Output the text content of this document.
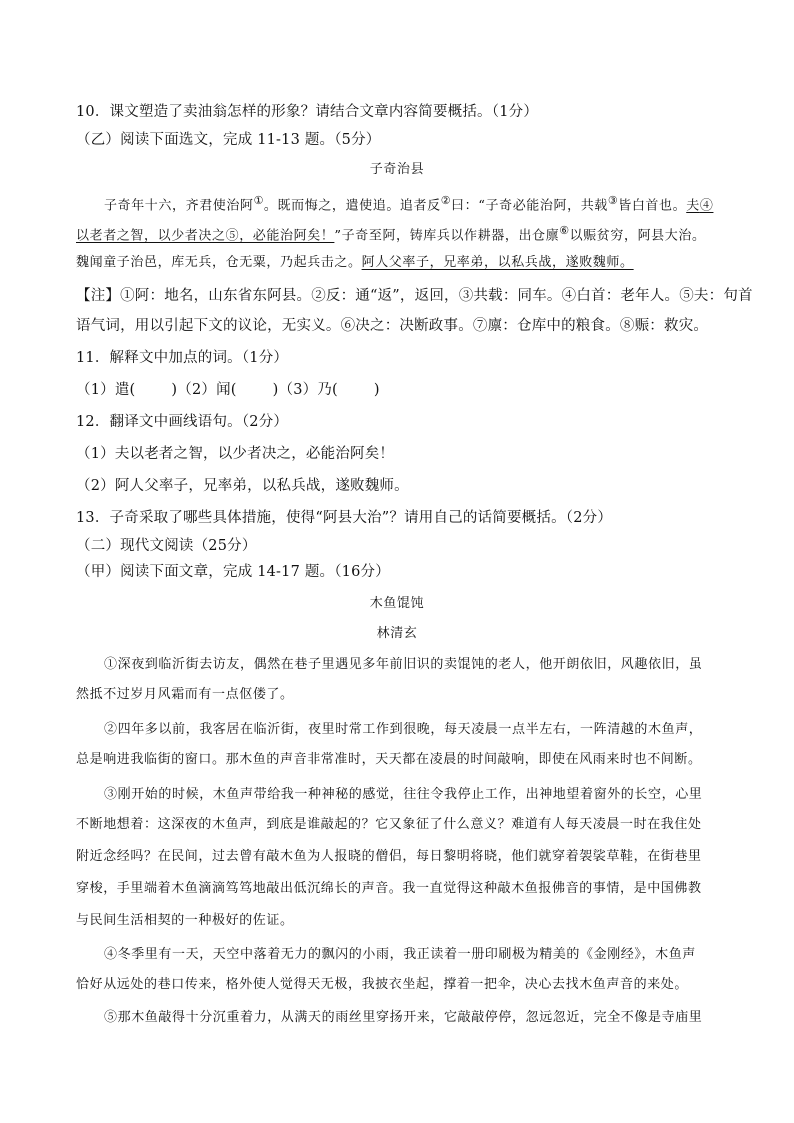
10．课文塑造了卖油翁怎样的形象？请结合文章内容简要概括。（1分）
（乙）阅读下面选文，完成 11-13 题。（5分）
子奇治县
子奇年十六，齐君使治阿①。既而悔之，遣使追。追者反②曰：“子奇必能治阿，共载③皆白首也。夫④
以老者之智，以少者决之⑤，必能治阿矣！”子奇至阿，铸库兵以作耕器，出仓廪⑥以赈贫穷，阿县大治。
魏闻童子治邑，库无兵，仓无粟，乃起兵击之。阿人父率子，兄率弟，以私兵战，遂败魏师。
【注】①阿：地名，山东省东阿县。②反：通“返”，返回，③共载：同车。④白首：老年人。⑤夫：句首
语气词，用以引起下文的议论，无实义。⑥决之：决断政事。⑦廪：仓库中的粮食。⑧赈：救灾。
11．解释文中加点的词。（1分）
（1）遣( )（2）闻( )（3）乃( )
12．翻译文中画线语句。（2分）
（1）夫以老者之智，以少者决之，必能治阿矣！
（2）阿人父率子，兄率弟，以私兵战，遂败魏师。
13．子奇采取了哪些具体措施，使得“阿县大治”？请用自己的话简要概括。（2分）
（二）现代文阅读（25分）
（甲）阅读下面文章，完成 14-17 题。（16分）
木鱼馄饨
林清玄
①深夜到临沂街去访友，偶然在巷子里遇见多年前旧识的卖馄饨的老人，他开朗依旧，风趣依旧，虽
然抵不过岁月风霜而有一点伛偻了。
②四年多以前，我客居在临沂街，夜里时常工作到很晚，每天凌晨一点半左右，一阵清越的木鱼声，
总是响进我临街的窗口。那木鱼的声音非常准时，天天都在凌晨的时间敲响，即使在风雨来时也不间断。
③刚开始的时候，木鱼声带给我一种神秘的感觉，往往令我停止工作，出神地望着窗外的长空，心里
不断地想着：这深夜的木鱼声，到底是谁敲起的？它又象征了什么意义？难道有人每天凌晨一时在我住处
附近念经吗？在民间，过去曾有敲木鱼为人报晓的僧侣，每日黎明将晓，他们就穿着袈裟草鞋，在街巷里
穿梭，手里端着木鱼滴滴笃笃地敲出低沉绵长的声音。我一直觉得这种敲木鱼报佛音的事情，是中国佛教
与民间生活相契的一种极好的佐证。
④冬季里有一天，天空中落着无力的飘闪的小雨，我正读着一册印刷极为精美的《金刚经》，木鱼声
恰好从远处的巷口传来，格外使人觉得天无极，我披衣坐起，撑着一把伞，决心去找木鱼声音的来处。
⑤那木鱼敲得十分沉重着力，从满天的雨丝里穿扬开来，它敲敲停停，忽远忽近，完全不像是寺庙里
